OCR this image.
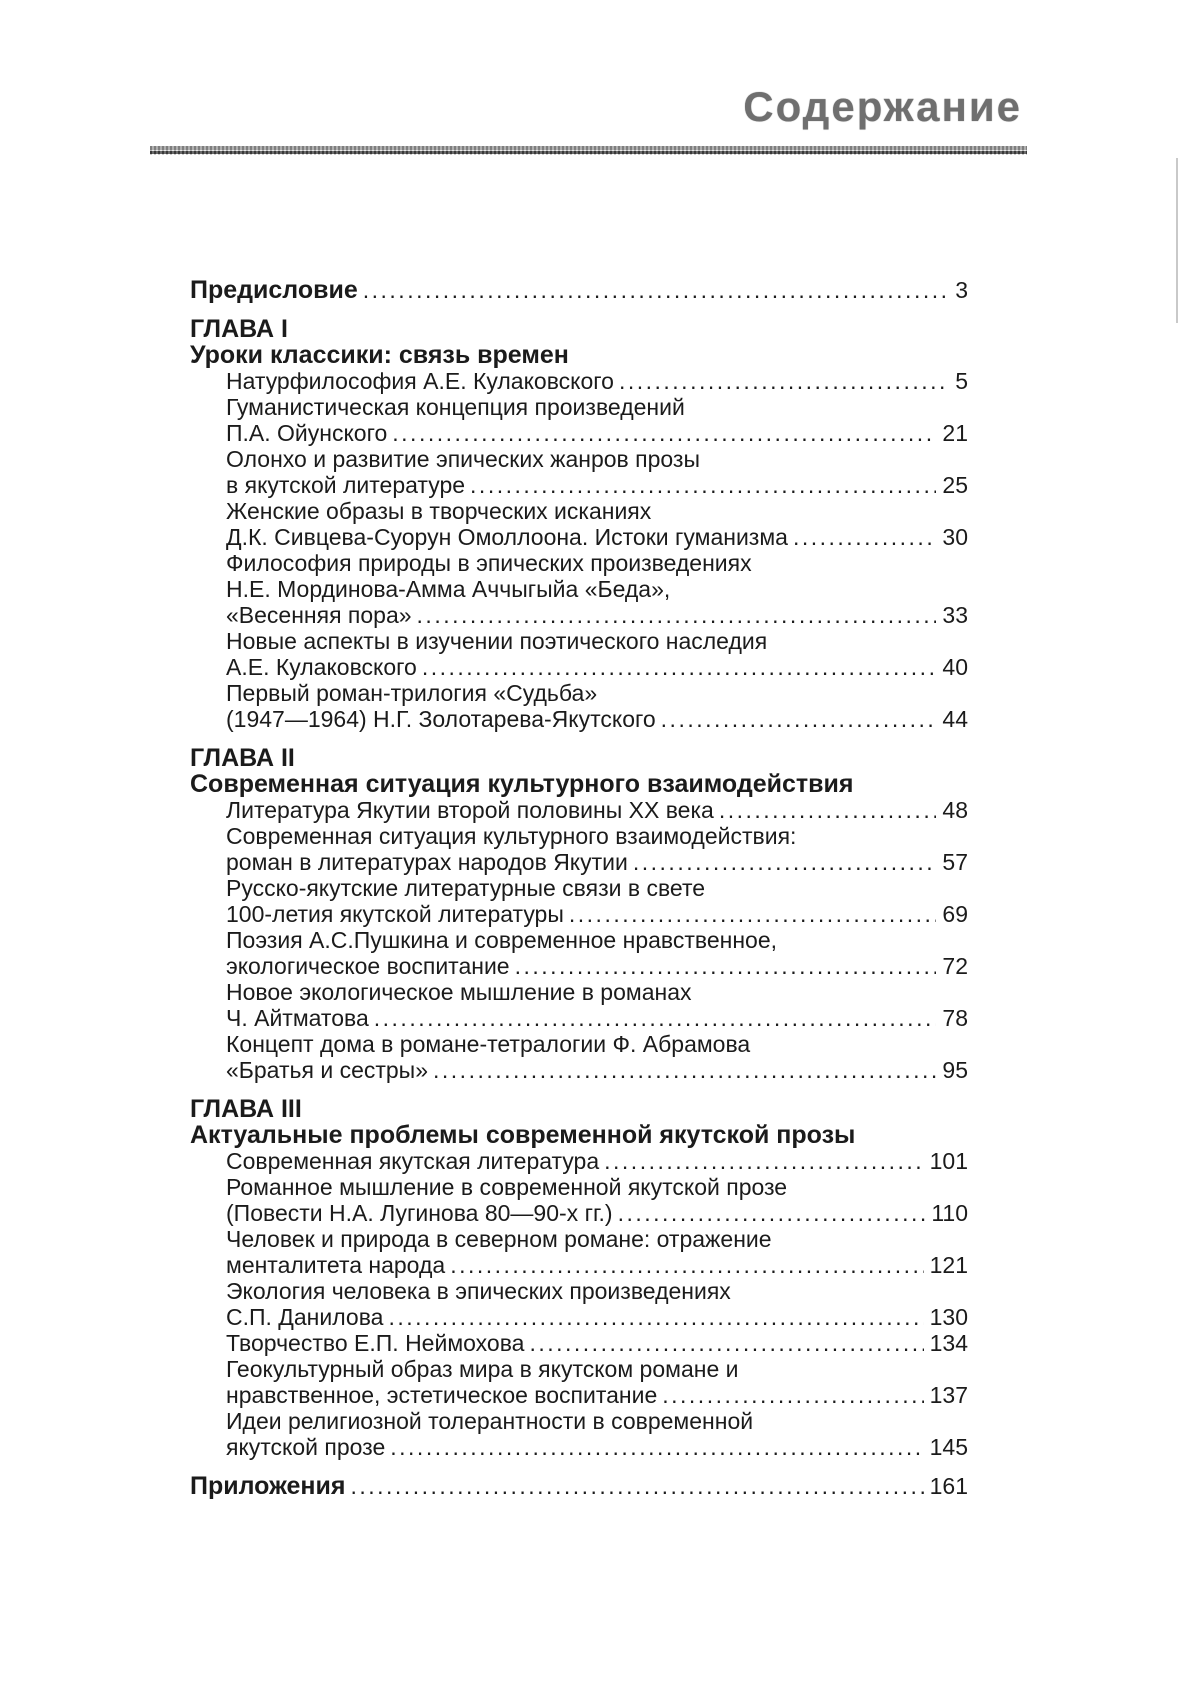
Содержание
Предисловие .....	3
ГЛАВА I
Уроки классики: связь времен
Натурфилософия А.Е. Кулаковского .....	5
Гуманистическая концепция произведений
П.А. Ойунского .....	21
Олонхо и развитие эпических жанров прозы
в якутской литературе .....	25
Женские образы в творческих исканиях
Д.К. Сивцева-Суорун Омоллоона. Истоки гуманизма .....	30
Философия природы в эпических произведениях
Н.Е. Мординова-Амма Аччыгыйа «Беда»,
«Весенняя пора» .....	33
Новые аспекты в изучении поэтического наследия
А.Е. Кулаковского .....	40
Первый роман-трилогия «Судьба»
(1947—1964) Н.Г. Золотарева-Якутского .....	44
ГЛАВА II
Современная ситуация культурного взаимодействия
Литература Якутии второй половины XX века .....	48
Современная ситуация культурного взаимодействия:
роман в литературах народов Якутии .....	57
Русско-якутские литературные связи в свете
100-летия якутской литературы .....	69
Поэзия А.С.Пушкина и современное нравственное,
экологическое воспитание .....	72
Новое экологическое мышление в романах
Ч. Айтматова .....	78
Концепт дома в романе-тетралогии Ф. Абрамова
«Братья и сестры» .....	95
ГЛАВА III
Актуальные проблемы современной якутской прозы
Современная якутская литература .....	101
Романное мышление в современной якутской прозе
(Повести Н.А. Лугинова 80—90-х гг.) .....	110
Человек и природа в северном романе: отражение
менталитета народа .....	121
Экология человека в эпических произведениях
С.П. Данилова .....	130
Творчество Е.П. Неймохова .....	134
Геокультурный образ мира в якутском романе и
нравственное, эстетическое воспитание .....	137
Идеи религиозной толерантности в современной
якутской прозе .....	145
Приложения .....	161
